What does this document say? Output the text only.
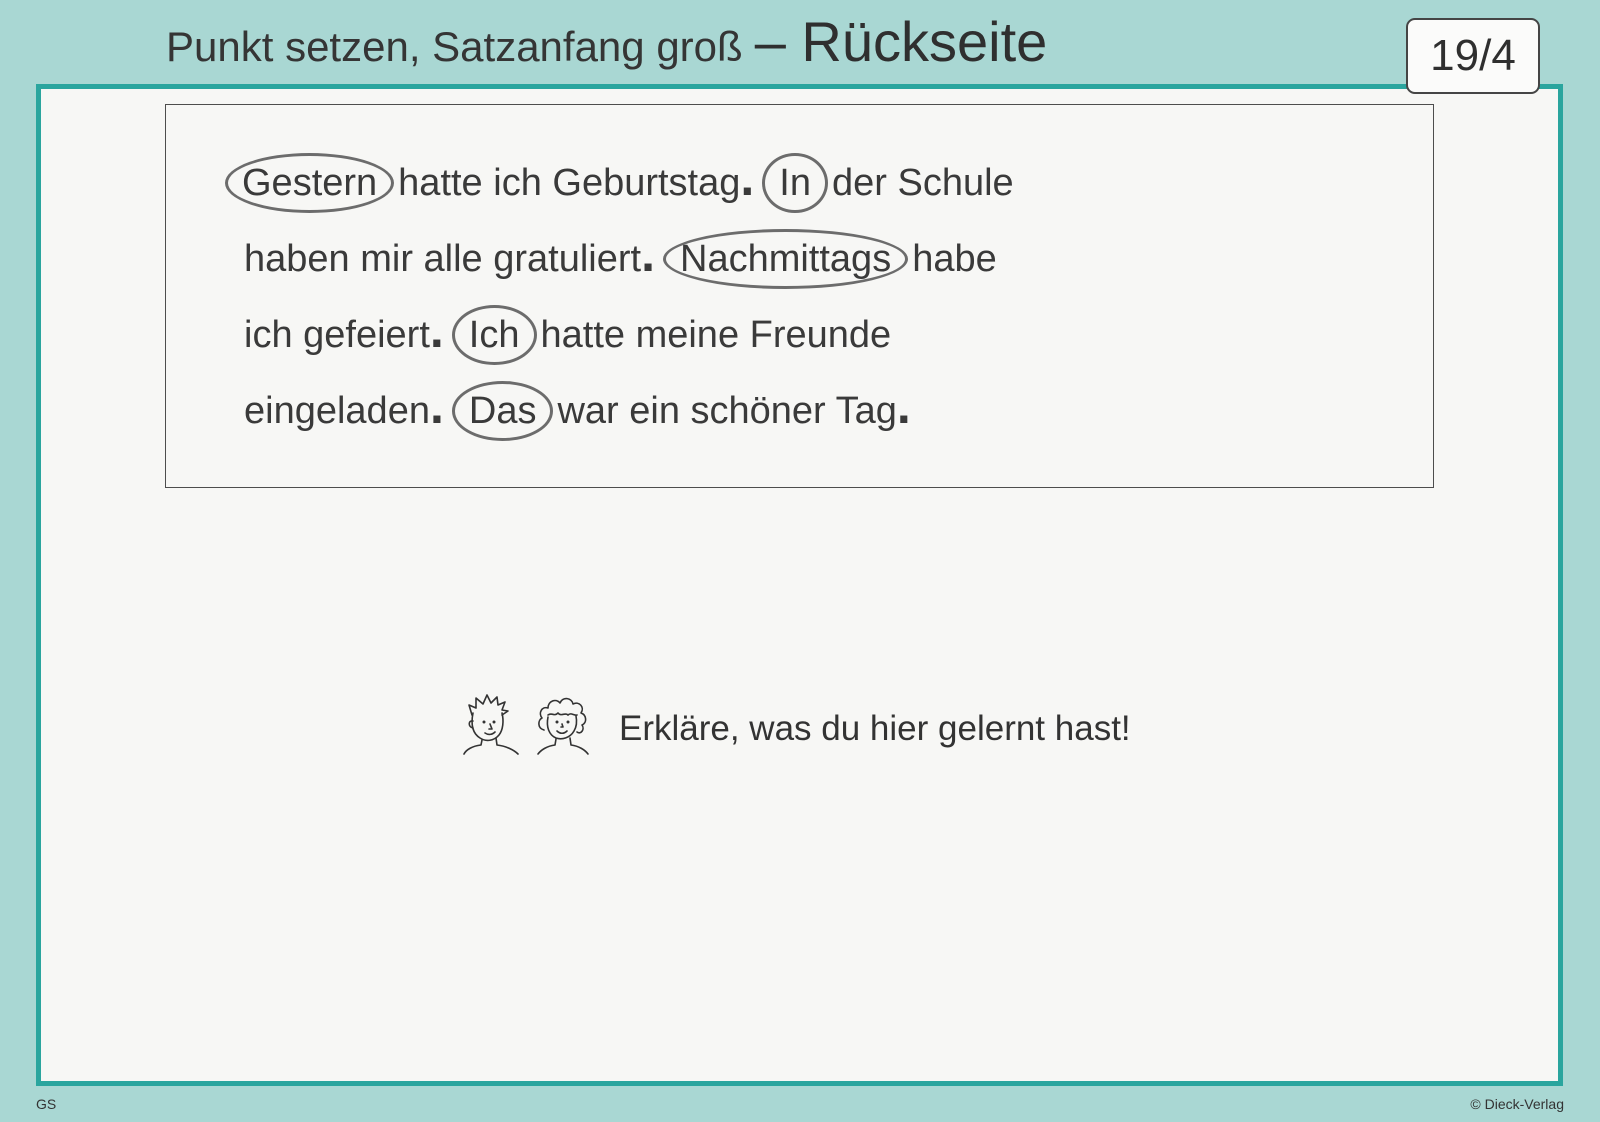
Punkt setzen, Satzanfang groß – Rückseite	19/4
Gestern hatte ich Geburtstag . In der Schule
haben mir alle gratuliert . Nachmittags habe
ich gefeiert . Ich hatte meine Freunde
eingeladen . Das war ein schöner Tag .
Erkläre, was du hier gelernt hast!
GS	© Dieck-Verlag
